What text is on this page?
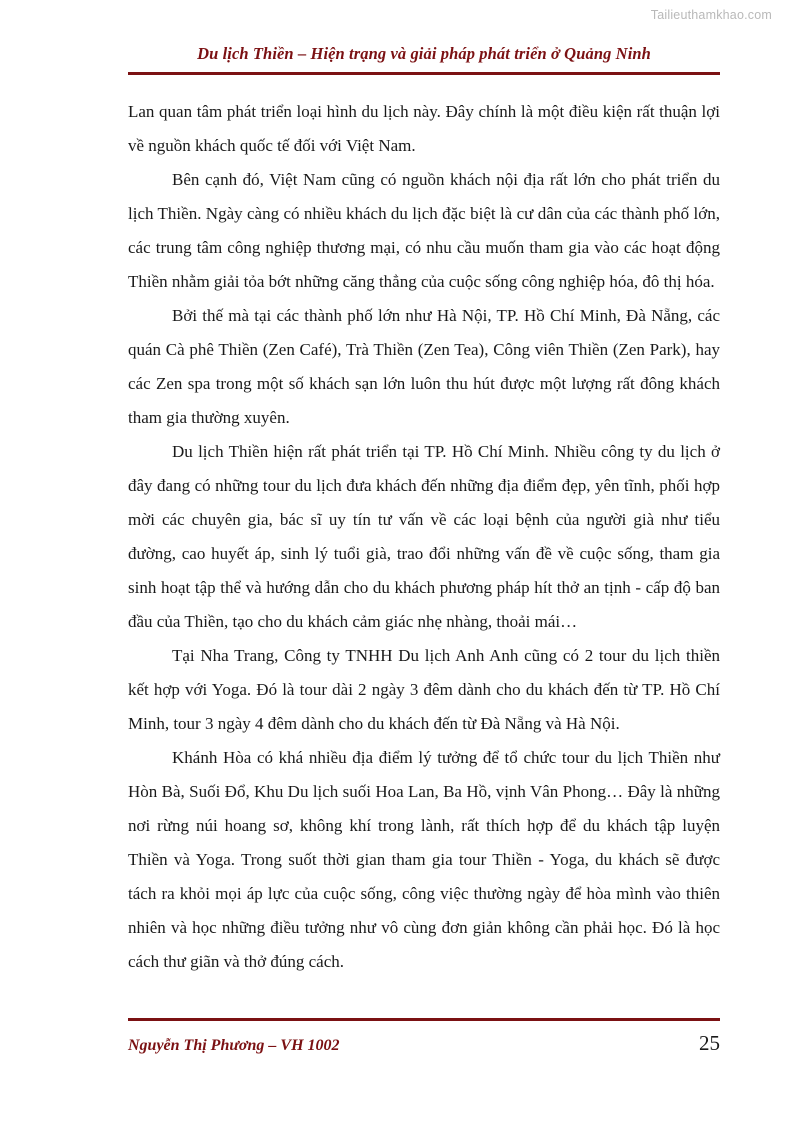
Tailieuthamkhao.com
Du lịch Thiền – Hiện trạng và giải pháp phát triển ở Quảng Ninh

Lan quan tâm phát triển loại hình du lịch này. Đây chính là một điều kiện rất thuận lợi về nguồn khách quốc tế đối với Việt Nam.

Bên cạnh đó, Việt Nam cũng có nguồn khách nội địa rất lớn cho phát triển du lịch Thiền. Ngày càng có nhiều khách du lịch đặc biệt là cư dân của các thành phố lớn, các trung tâm công nghiệp thương mại, có nhu cầu muốn tham gia vào các hoạt động Thiền nhằm giải tỏa bớt những căng thẳng của cuộc sống công nghiệp hóa, đô thị hóa.

Bởi thế mà tại các thành phố lớn như Hà Nội, TP. Hồ Chí Minh, Đà Nẵng, các quán Cà phê Thiền (Zen Café), Trà Thiền (Zen Tea), Công viên Thiền (Zen Park), hay các Zen spa trong một số khách sạn lớn luôn thu hút được một lượng rất đông khách tham gia thường xuyên.

Du lịch Thiền hiện rất phát triển tại TP. Hồ Chí Minh. Nhiều công ty du lịch ở đây đang có những tour du lịch đưa khách đến những địa điểm đẹp, yên tĩnh, phối hợp mời các chuyên gia, bác sĩ uy tín tư vấn về các loại bệnh của người già như tiểu đường, cao huyết áp, sinh lý tuổi già, trao đổi những vấn đề về cuộc sống, tham gia sinh hoạt tập thể và hướng dẫn cho du khách phương pháp hít thở an tịnh - cấp độ ban đầu của Thiền, tạo cho du khách cảm giác nhẹ nhàng, thoải mái…

Tại Nha Trang, Công ty TNHH Du lịch Anh Anh cũng có 2 tour du lịch thiền kết hợp với Yoga. Đó là tour dài 2 ngày 3 đêm dành cho du khách đến từ TP. Hồ Chí Minh, tour 3 ngày 4 đêm dành cho du khách đến từ Đà Nẵng và Hà Nội.

Khánh Hòa có khá nhiều địa điểm lý tưởng để tổ chức tour du lịch Thiền như Hòn Bà, Suối Đổ, Khu Du lịch suối Hoa Lan, Ba Hồ, vịnh Vân Phong… Đây là những nơi rừng núi hoang sơ, không khí trong lành, rất thích hợp để du khách tập luyện Thiền và Yoga. Trong suốt thời gian tham gia tour Thiền - Yoga, du khách sẽ được tách ra khỏi mọi áp lực của cuộc sống, công việc thường ngày để hòa mình vào thiên nhiên và học những điều tưởng như vô cùng đơn giản không cần phải học. Đó là học cách thư giãn và thở đúng cách.

Nguyễn Thị Phương – VH 1002	25
